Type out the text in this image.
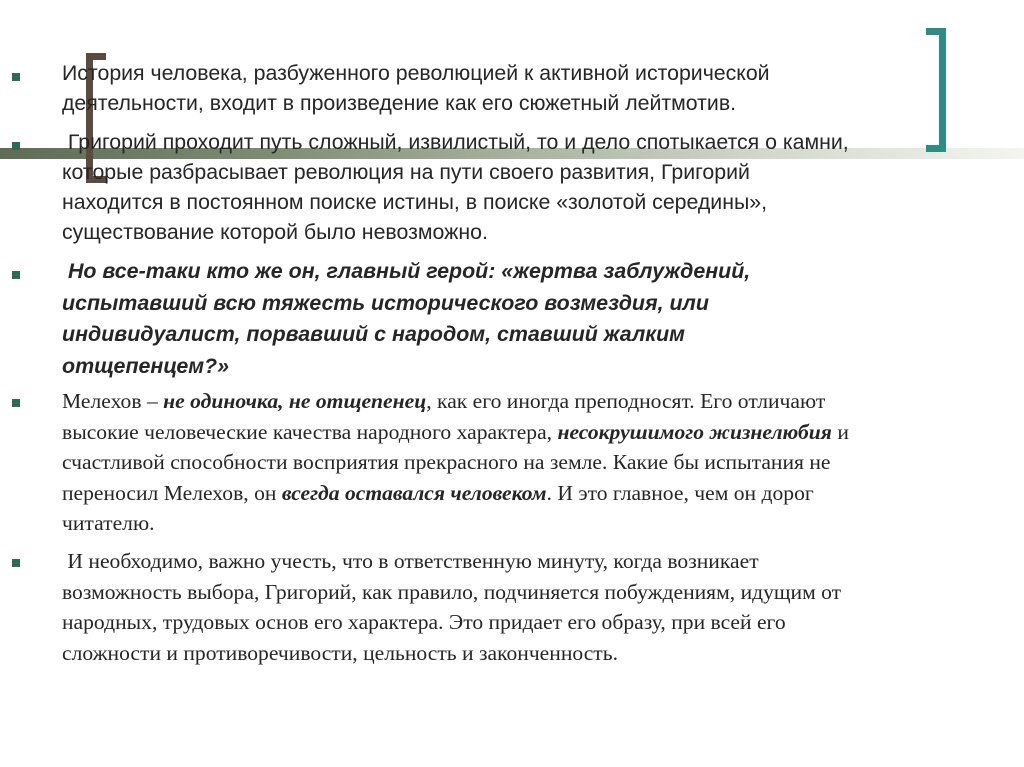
История человека, разбуженного революцией к активной исторической
деятельности, входит в произведение как его сюжетный лейтмотив.
Григорий проходит путь сложный, извилистый, то и дело спотыкается о камни,
которые разбрасывает революция на пути своего развития, Григорий
находится в постоянном поиске истины, в поиске «золотой середины»,
существование которой было невозможно.
Но все-таки кто же он, главный герой: «жертва заблуждений,
испытавший всю тяжесть исторического возмездия, или
индивидуалист, порвавший с народом, ставший жалким
отщепенцем?»
Мелехов – не одиночка, не отщепенец, как его иногда преподносят. Его отличают
высокие человеческие качества народного характера, несокрушимого жизнелюбия и
счастливой способности восприятия прекрасного на земле. Какие бы испытания не
переносил Мелехов, он всегда оставался человеком. И это главное, чем он дорог
читателю.
И необходимо, важно учесть, что в ответственную минуту, когда возникает
возможность выбора, Григорий, как правило, подчиняется побуждениям, идущим от
народных, трудовых основ его характера. Это придает его образу, при всей его
сложности и противоречивости, цельность и законченность.
